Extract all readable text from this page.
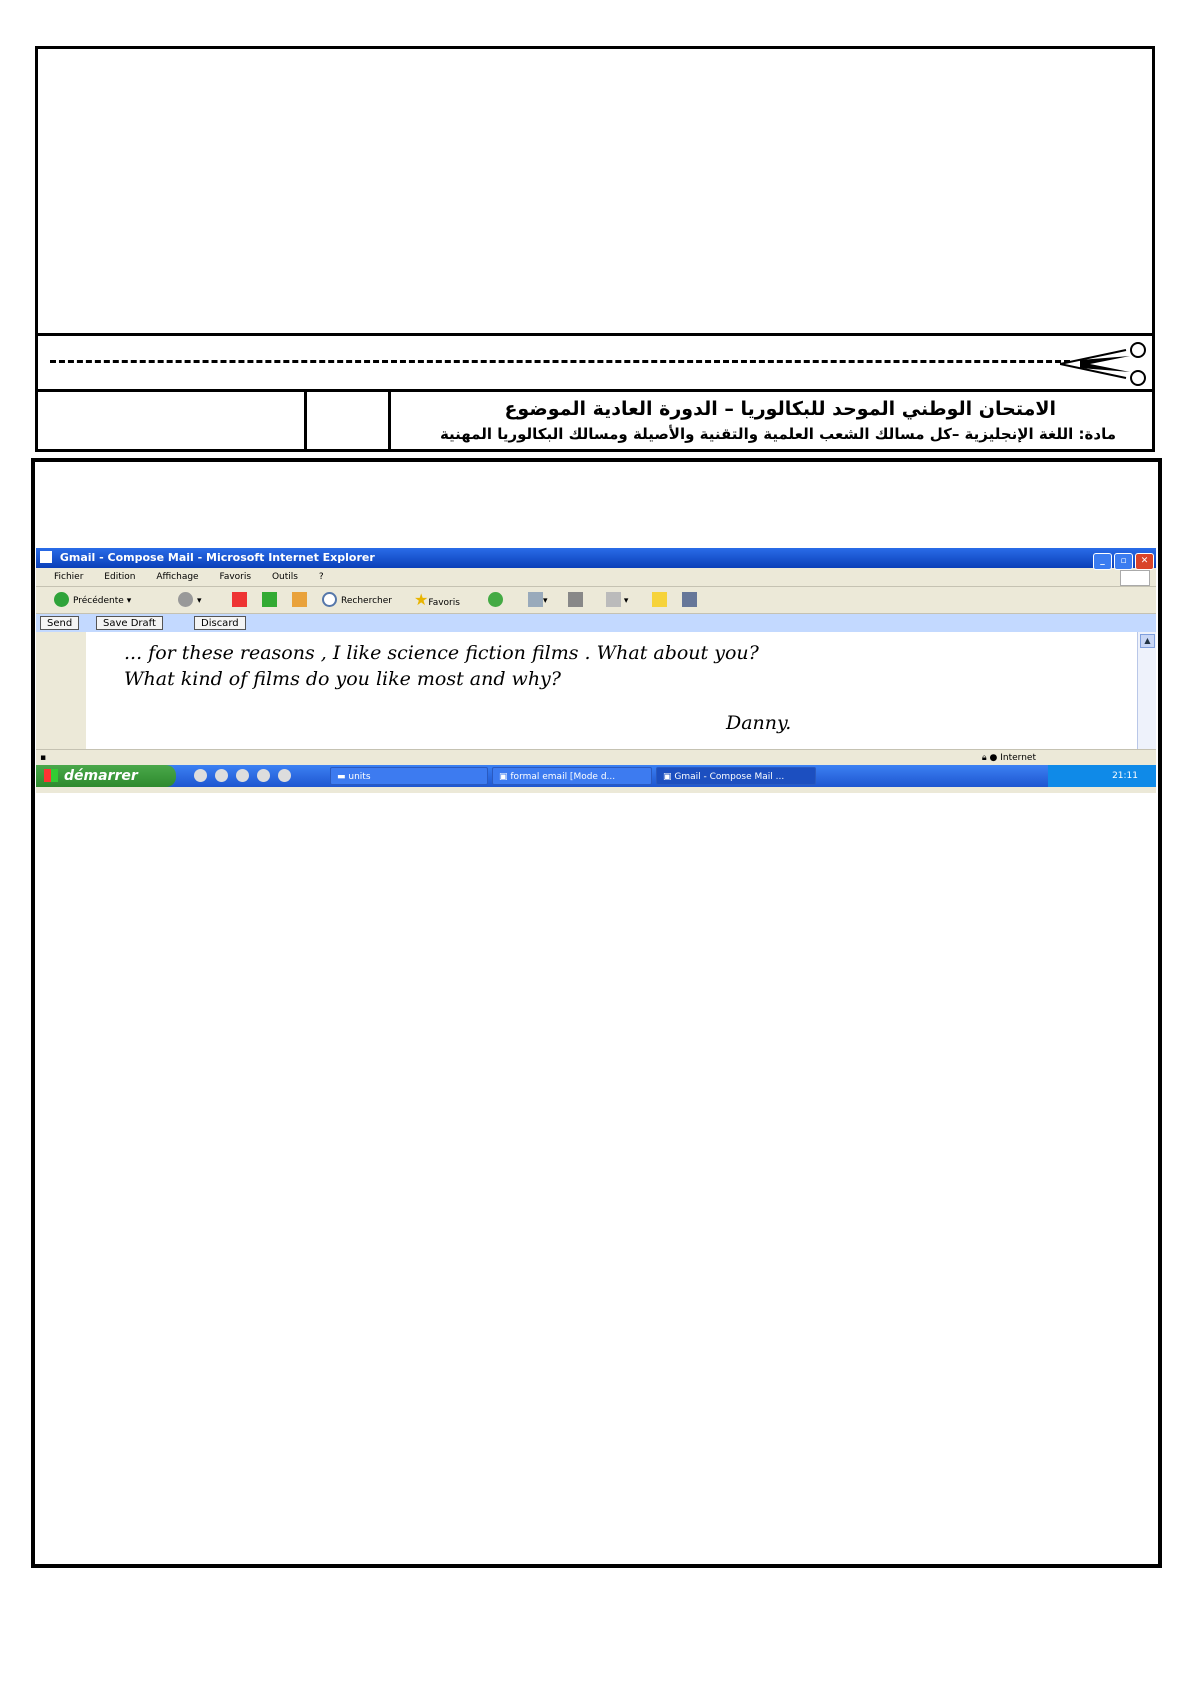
الامتحان الوطني الموحد للبكالوريا – الدورة العادية الموضوع
مادة: اللغة الإنجليزية –كل مسالك الشعب العلمية والتقنية والأصيلة ومسالك البكالوريا المهنية
Gmail - Compose Mail - Microsoft Internet Explorer	_ ▫ ✕
Fichier Edition Affichage Favoris Outils ?
Précédente ▾	▾	Rechercher ★Favoris	▾	▾
Send	Save Draft	Discard
... for these reasons , I like science fiction films . What about you?
What kind of films do you like most and why?
Danny.
▲
▪	🔒︎ ● Internet
démarrer	▬ units	▣ formal email [Mode d...	▣ Gmail - Compose Mail ...	21:11
